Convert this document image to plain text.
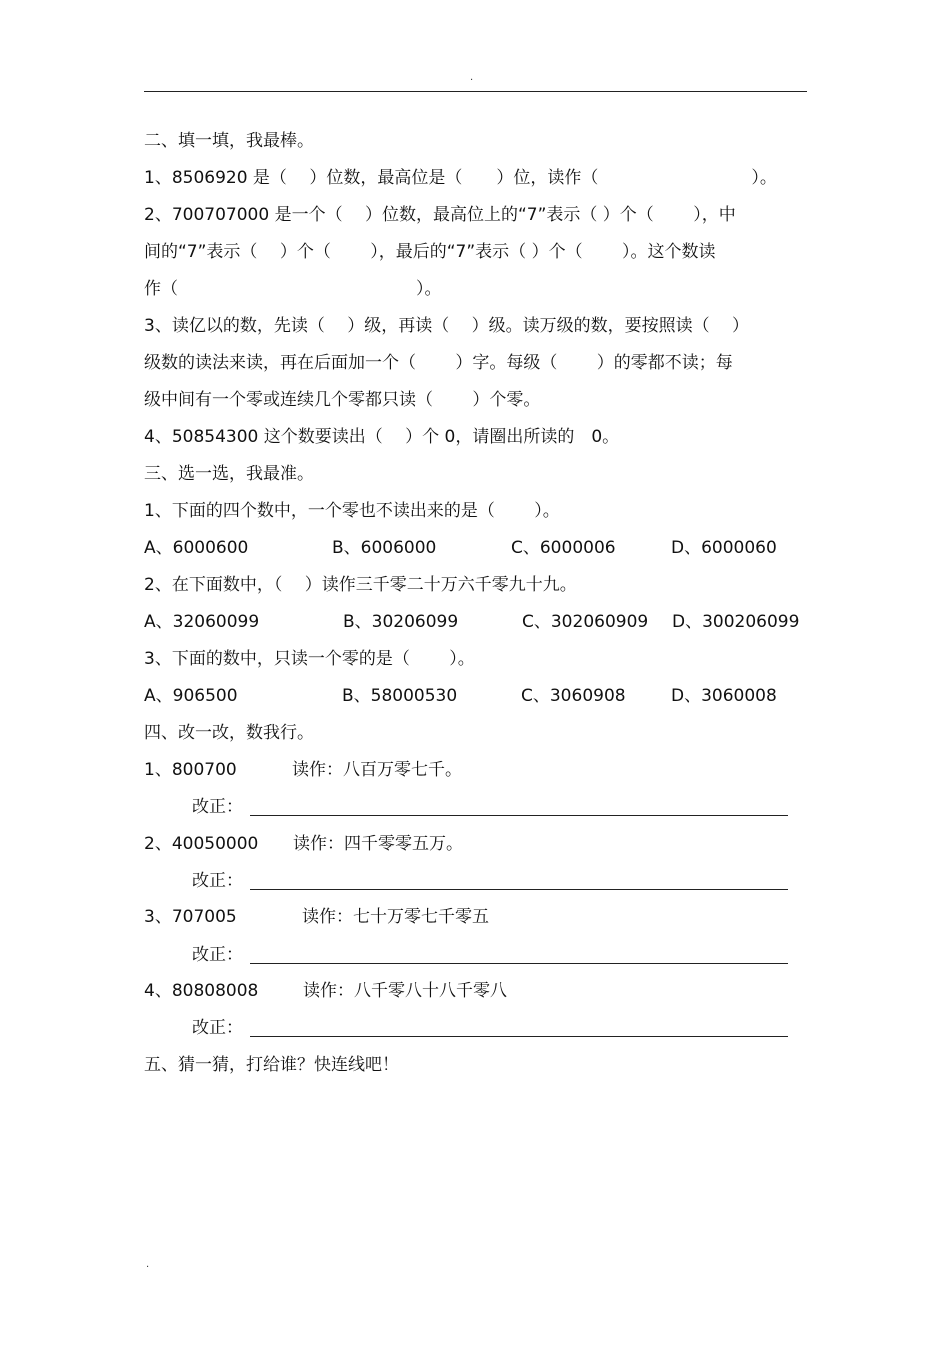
.
二、填一填，我最棒。
1、8506920 是（　 ）位数，最高位是（　　）位，读作（　　　　　　　　　）。
2、700707000 是一个（　 ）位数，最高位上的“7”表示（ ）个（　　 ），中
间的“7”表示（　 ）个（　　 ），最后的“7”表示（ ）个（　　 ）。这个数读
作（　　　　　　　　　　　　　　）。
3、读亿以的数，先读（　 ）级，再读（　 ）级。读万级的数，要按照读（　 ）
级数的读法来读，再在后面加一个（　　 ）字。每级（　　 ）的零都不读；每
级中间有一个零或连续几个零都只读（　　 ）个零。
4、50854300 这个数要读出（　 ）个 0，请圈出所读的　0。
三、选一选，我最准。
1、下面的四个数中，一个零也不读出来的是（　　 ）。
A、6000600	B、6006000	C、6000006	D、6000060
2、在下面数中，（　 ）读作三千零二十万六千零九十九。
A、32060099	B、30206099	C、302060909 D、300206099
3、下面的数中，只读一个零的是（　　 ）。
A、906500	B、58000530	C、3060908	D、3060008
四、改一改，数我行。
1、800700	读作：八百万零七千。
改正：
2、40050000 读作：四千零零五万。
改正：
3、707005	读作：七十万零七千零五
改正：
4、80808008	读作：八千零八十八千零八
改正：
五、猜一猜，打给谁？快连线吧！
.
